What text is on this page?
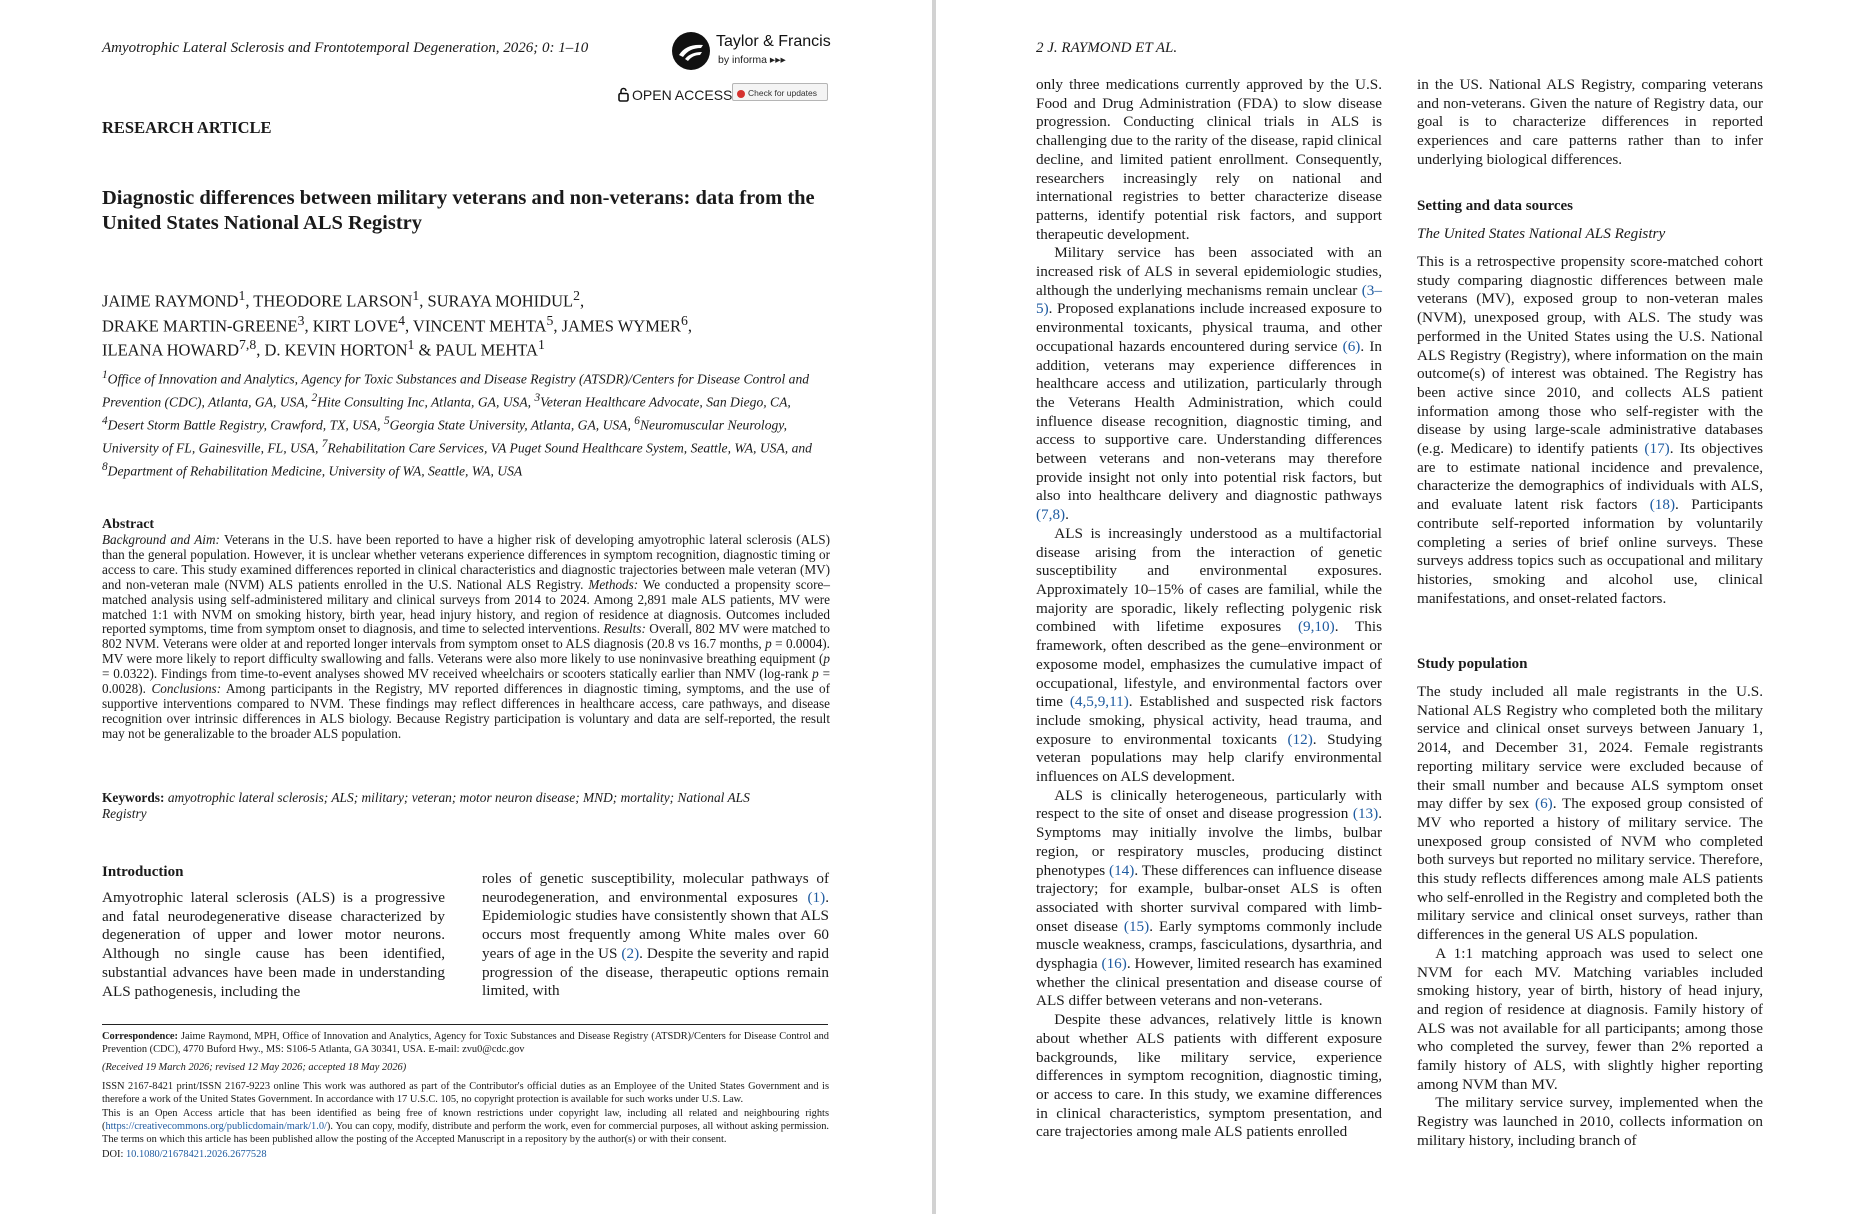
Amyotrophic Lateral Sclerosis and Frontotemporal Degeneration, 2026; 0: 1–10	Taylor & Francis
by informa ▸▸▸
OPEN ACCESS	Check for updates
RESEARCH ARTICLE
Diagnostic differences between military veterans and non-veterans: data from the United States National ALS Registry
JAIME RAYMOND$^1$, THEODORE LARSON$^1$, SURAYA MOHIDUL$^2$,
DRAKE MARTIN-GREENE$^3$, KIRT LOVE$^4$, VINCENT MEHTA$^5$, JAMES WYMER$^6$,
ILEANA HOWARD$^{7,8}$, D. KEVIN HORTON$^1$ & PAUL MEHTA$^1$
$^1$Office of Innovation and Analytics, Agency for Toxic Substances and Disease Registry (ATSDR)/Centers for Disease Control and Prevention (CDC), Atlanta, GA, USA, $^2$Hite Consulting Inc, Atlanta, GA, USA, $^3$Veteran Healthcare Advocate, San Diego, CA, $^4$Desert Storm Battle Registry, Crawford, TX, USA, $^5$Georgia State University, Atlanta, GA, USA, $^6$Neuromuscular Neurology, University of FL, Gainesville, FL, USA, $^7$Rehabilitation Care Services, VA Puget Sound Healthcare System, Seattle, WA, USA, and $^8$Department of Rehabilitation Medicine, University of WA, Seattle, WA, USA
Abstract
Background and Aim: Veterans in the U.S. have been reported to have a higher risk of developing amyotrophic lateral sclerosis (ALS) than the general population. However, it is unclear whether veterans experience differences in symptom recognition, diagnostic timing or access to care. This study examined differences reported in clinical characteristics and diagnostic trajectories between male veteran (MV) and non-veteran male (NVM) ALS patients enrolled in the U.S. National ALS Registry. Methods: We conducted a propensity score–matched analysis using self-administered military and clinical surveys from 2014 to 2024. Among 2,891 male ALS patients, MV were matched 1:1 with NVM on smoking history, birth year, head injury history, and region of residence at diagnosis. Outcomes included reported symptoms, time from symptom onset to diagnosis, and time to selected interventions. Results: Overall, 802 MV were matched to 802 NVM. Veterans were older at and reported longer intervals from symptom onset to ALS diagnosis (20.8 vs 16.7 months, p = 0.0004). MV were more likely to report difficulty swallowing and falls. Veterans were also more likely to use noninvasive breathing equipment (p = 0.0322). Findings from time-to-event analyses showed MV received wheelchairs or scooters statically earlier than NMV (log-rank p = 0.0028). Conclusions: Among participants in the Registry, MV reported differences in diagnostic timing, symptoms, and the use of supportive interventions compared to NVM. These findings may reflect differences in healthcare access, care pathways, and disease recognition over intrinsic differences in ALS biology. Because Registry participation is voluntary and data are self-reported, the result may not be generalizable to the broader ALS population.
Keywords: amyotrophic lateral sclerosis; ALS; military; veteran; motor neuron disease; MND; mortality; National ALS Registry
Introduction
Amyotrophic lateral sclerosis (ALS) is a progressive and fatal neurodegenerative disease characterized by degeneration of upper and lower motor neurons. Although no single cause has been identified, substantial advances have been made in understanding ALS pathogenesis, including the
roles of genetic susceptibility, molecular pathways of neurodegeneration, and environmental exposures (1). Epidemiologic studies have consistently shown that ALS occurs most frequently among White males over 60 years of age in the US (2). Despite the severity and rapid progression of the disease, therapeutic options remain limited, with

Correspondence: Jaime Raymond, MPH, Office of Innovation and Analytics, Agency for Toxic Substances and Disease Registry (ATSDR)/Centers for Disease Control and Prevention (CDC), 4770 Buford Hwy., MS: S106-5 Atlanta, GA 30341, USA. E-mail: zvu0@cdc.gov

(Received 19 March 2026; revised 12 May 2026; accepted 18 May 2026)

ISSN 2167-8421 print/ISSN 2167-9223 online This work was authored as part of the Contributor's official duties as an Employee of the United States Government and is therefore a work of the United States Government. In accordance with 17 U.S.C. 105, no copyright protection is available for such works under U.S. Law.

This is an Open Access article that has been identified as being free of known restrictions under copyright law, including all related and neighbouring rights (https://creativecommons.org/publicdomain/mark/1.0/). You can copy, modify, distribute and perform the work, even for commercial purposes, all without asking permission. The terms on which this article has been published allow the posting of the Accepted Manuscript in a repository by the author(s) or with their consent.

DOI: 10.1080/21678421.2026.2677528

2 J. RAYMOND ET AL.

only three medications currently approved by the U.S. Food and Drug Administration (FDA) to slow disease progression. Conducting clinical trials in ALS is challenging due to the rarity of the disease, rapid clinical decline, and limited patient enrollment. Consequently, researchers increasingly rely on national and international registries to better characterize disease patterns, identify potential risk factors, and support therapeutic development.

Military service has been associated with an increased risk of ALS in several epidemiologic studies, although the underlying mechanisms remain unclear (3–5). Proposed explanations include increased exposure to environmental toxicants, physical trauma, and other occupational hazards encountered during service (6). In addition, veterans may experience differences in healthcare access and utilization, particularly through the Veterans Health Administration, which could influence disease recognition, diagnostic timing, and access to supportive care. Understanding differences between veterans and non-veterans may therefore provide insight not only into potential risk factors, but also into healthcare delivery and diagnostic pathways (7,8).

ALS is increasingly understood as a multifactorial disease arising from the interaction of genetic susceptibility and environmental exposures. Approximately 10–15% of cases are familial, while the majority are sporadic, likely reflecting polygenic risk combined with lifetime exposures (9,10). This framework, often described as the gene–environment or exposome model, emphasizes the cumulative impact of occupational, lifestyle, and environmental factors over time (4,5,9,11). Established and suspected risk factors include smoking, physical activity, head trauma, and exposure to environmental toxicants (12). Studying veteran populations may help clarify environmental influences on ALS development.

ALS is clinically heterogeneous, particularly with respect to the site of onset and disease progression (13). Symptoms may initially involve the limbs, bulbar region, or respiratory muscles, producing distinct phenotypes (14). These differences can influence disease trajectory; for example, bulbar-onset ALS is often associated with shorter survival compared with limb-onset disease (15). Early symptoms commonly include muscle weakness, cramps, fasciculations, dysarthria, and dysphagia (16). However, limited research has examined whether the clinical presentation and disease course of ALS differ between veterans and non-veterans.

Despite these advances, relatively little is known about whether ALS patients with different exposure backgrounds, like military service, experience differences in symptom recognition, diagnostic timing, or access to care. In this study, we examine differences in clinical characteristics, symptom presentation, and care trajectories among male ALS patients enrolled

in the US. National ALS Registry, comparing veterans and non-veterans. Given the nature of Registry data, our goal is to characterize differences in reported experiences and care patterns rather than to infer underlying biological differences.
Setting and data sources
The United States National ALS Registry
This is a retrospective propensity score-matched cohort study comparing diagnostic differences between male veterans (MV), exposed group to non-veteran males (NVM), unexposed group, with ALS. The study was performed in the United States using the U.S. National ALS Registry (Registry), where information on the main outcome(s) of interest was obtained. The Registry has been active since 2010, and collects ALS patient information among those who self-register with the disease by using large-scale administrative databases (e.g. Medicare) to identify patients (17). Its objectives are to estimate national incidence and prevalence, characterize the demographics of individuals with ALS, and evaluate latent risk factors (18). Participants contribute self-reported information by voluntarily completing a series of brief online surveys. These surveys address topics such as occupational and military histories, smoking and alcohol use, clinical manifestations, and onset-related factors.
Study population

The study included all male registrants in the U.S. National ALS Registry who completed both the military service and clinical onset surveys between January 1, 2014, and December 31, 2024. Female registrants reporting military service were excluded because of their small number and because ALS symptom onset may differ by sex (6). The exposed group consisted of MV who reported a history of military service. The unexposed group consisted of NVM who completed both surveys but reported no military service. Therefore, this study reflects differences among male ALS patients who self-enrolled in the Registry and completed both the military service and clinical onset surveys, rather than differences in the general US ALS population.

A 1:1 matching approach was used to select one NVM for each MV. Matching variables included smoking history, year of birth, history of head injury, and region of residence at diagnosis. Family history of ALS was not available for all participants; among those who completed the survey, fewer than 2% reported a family history of ALS, with slightly higher reporting among NVM than MV.

The military service survey, implemented when the Registry was launched in 2010, collects information on military history, including branch of
